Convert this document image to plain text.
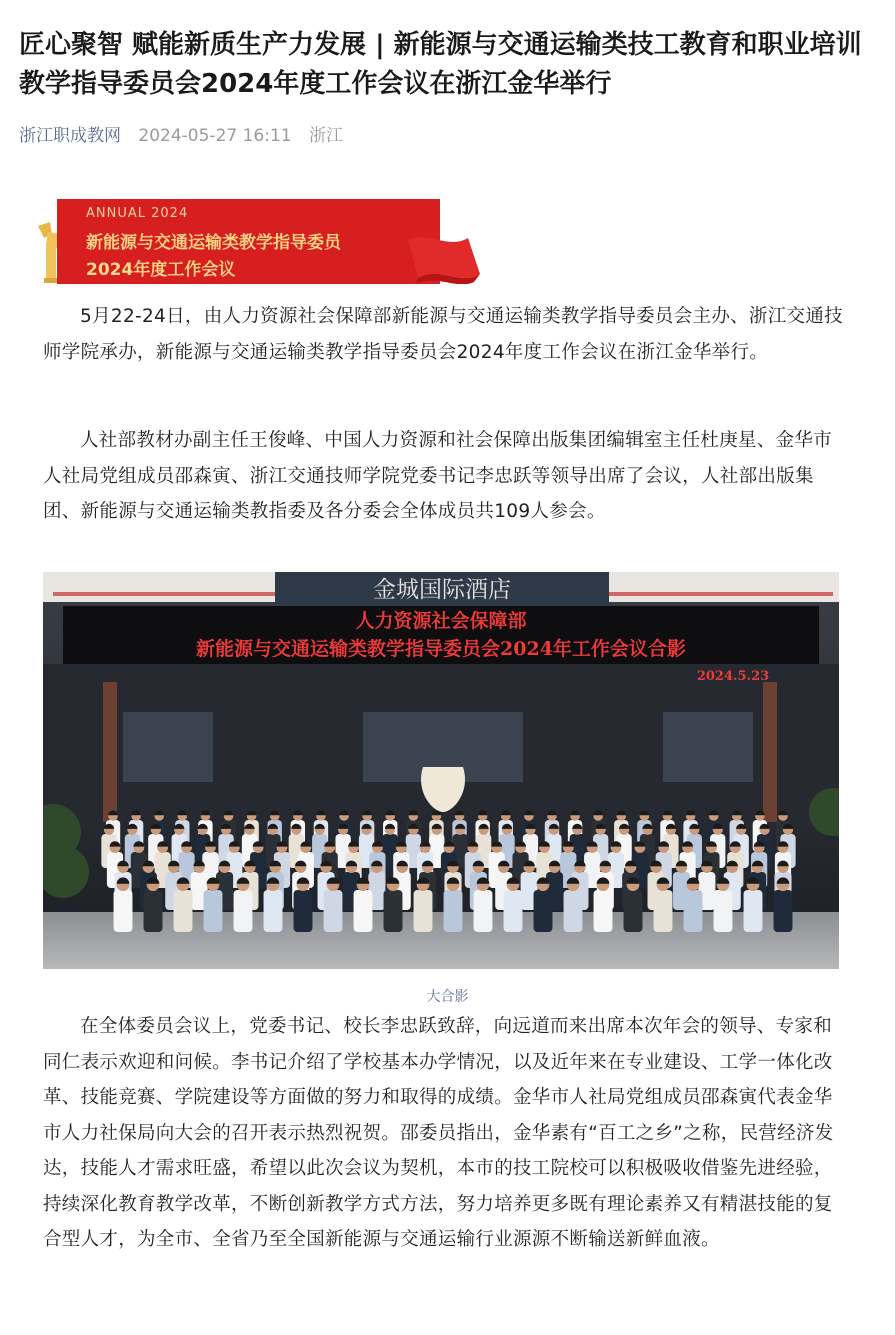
匠心聚智 赋能新质生产力发展 | 新能源与交通运输类技工教育和职业培训教学指导委员会2024年度工作会议在浙江金华举行
浙江职成教网 2024-05-27 16:11 浙江
ANNUAL 2024
新能源与交通运输类教学指导委员
2024年度工作会议

5月22-24日，由人力资源社会保障部新能源与交通运输类教学指导委员会主办、浙江交通技师学院承办，新能源与交通运输类教学指导委员会2024年度工作会议在浙江金华举行。

人社部教材办副主任王俊峰、中国人力资源和社会保障出版集团编辑室主任杜庚星、金华市人社局党组成员邵森寅、浙江交通技师学院党委书记李忠跃等领导出席了会议，人社部出版集团、新能源与交通运输类教指委及各分委会全体成员共109人参会。

金城国际酒店
人力资源社会保障部
新能源与交通运输类教学指导委员会2024年工作会议合影
2024.5.23
大合影

在全体委员会议上，党委书记、校长李忠跃致辞，向远道而来出席本次年会的领导、专家和同仁表示欢迎和问候。李书记介绍了学校基本办学情况，以及近年来在专业建设、工学一体化改革、技能竞赛、学院建设等方面做的努力和取得的成绩。金华市人社局党组成员邵森寅代表金华市人力社保局向大会的召开表示热烈祝贺。邵委员指出，金华素有“百工之乡”之称，民营经济发达，技能人才需求旺盛，希望以此次会议为契机，本市的技工院校可以积极吸收借鉴先进经验，持续深化教育教学改革，不断创新教学方式方法，努力培养更多既有理论素养又有精湛技能的复合型人才，为全市、全省乃至全国新能源与交通运输行业源源不断输送新鲜血液。
